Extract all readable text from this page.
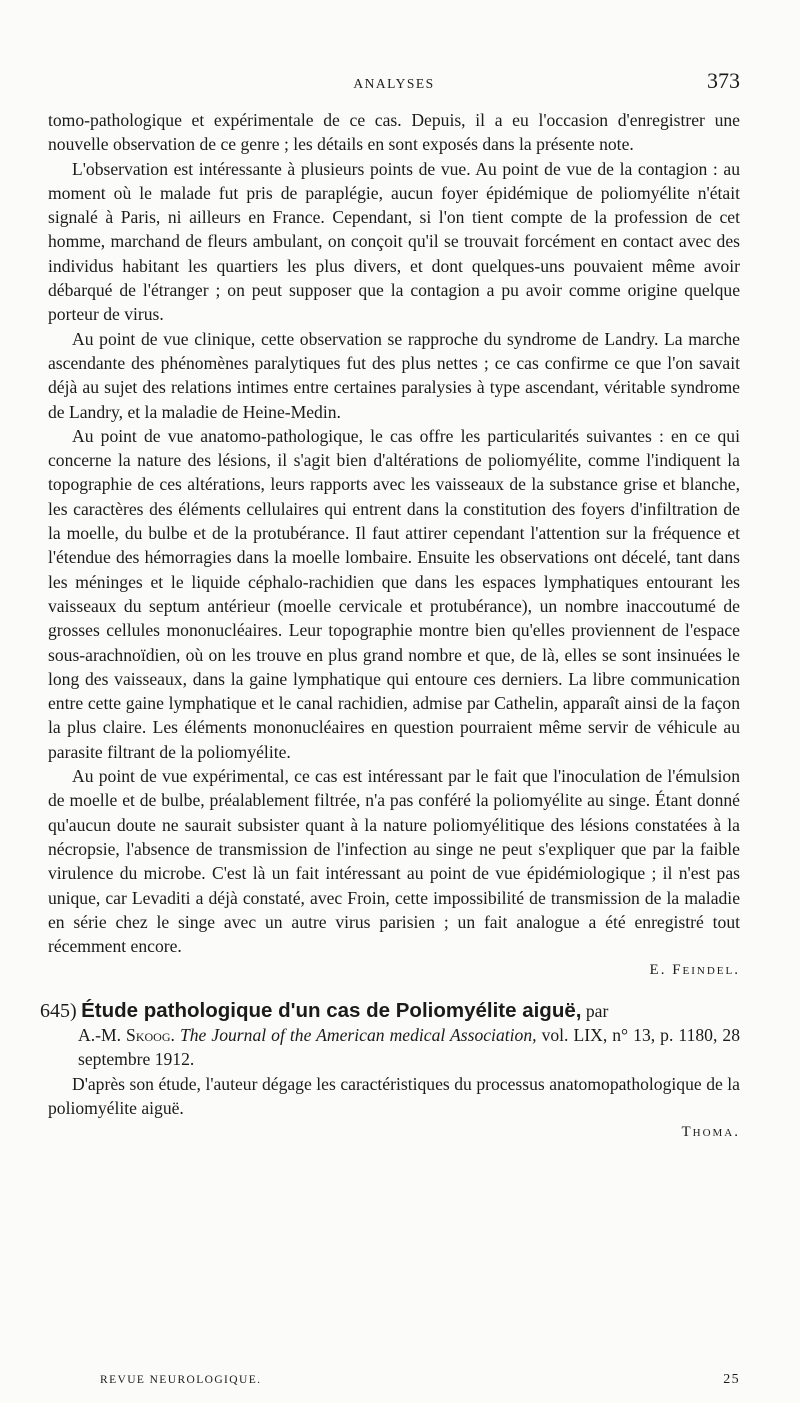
ANALYSES	373

tomo-pathologique et expérimentale de ce cas. Depuis, il a eu l'occasion d'enregistrer une nouvelle observation de ce genre ; les détails en sont exposés dans la présente note.

L'observation est intéressante à plusieurs points de vue. Au point de vue de la contagion : au moment où le malade fut pris de paraplégie, aucun foyer épidémique de poliomyélite n'était signalé à Paris, ni ailleurs en France. Cependant, si l'on tient compte de la profession de cet homme, marchand de fleurs ambulant, on conçoit qu'il se trouvait forcément en contact avec des individus habitant les quartiers les plus divers, et dont quelques-uns pouvaient même avoir débarqué de l'étranger ; on peut supposer que la contagion a pu avoir comme origine quelque porteur de virus.

Au point de vue clinique, cette observation se rapproche du syndrome de Landry. La marche ascendante des phénomènes paralytiques fut des plus nettes ; ce cas confirme ce que l'on savait déjà au sujet des relations intimes entre certaines paralysies à type ascendant, véritable syndrome de Landry, et la maladie de Heine-Medin.

Au point de vue anatomo-pathologique, le cas offre les particularités suivantes : en ce qui concerne la nature des lésions, il s'agit bien d'altérations de poliomyélite, comme l'indiquent la topographie de ces altérations, leurs rapports avec les vaisseaux de la substance grise et blanche, les caractères des éléments cellulaires qui entrent dans la constitution des foyers d'infiltration de la moelle, du bulbe et de la protubérance. Il faut attirer cependant l'attention sur la fréquence et l'étendue des hémorragies dans la moelle lombaire. Ensuite les observations ont décelé, tant dans les méninges et le liquide céphalo-rachidien que dans les espaces lymphatiques entourant les vaisseaux du septum antérieur (moelle cervicale et protubérance), un nombre inaccoutumé de grosses cellules mononucléaires. Leur topographie montre bien qu'elles proviennent de l'espace sous-arachnoïdien, où on les trouve en plus grand nombre et que, de là, elles se sont insinuées le long des vaisseaux, dans la gaine lymphatique qui entoure ces derniers. La libre communication entre cette gaine lymphatique et le canal rachidien, admise par Cathelin, apparaît ainsi de la façon la plus claire. Les éléments mononucléaires en question pourraient même servir de véhicule au parasite filtrant de la poliomyélite.

Au point de vue expérimental, ce cas est intéressant par le fait que l'inoculation de l'émulsion de moelle et de bulbe, préalablement filtrée, n'a pas conféré la poliomyélite au singe. Étant donné qu'aucun doute ne saurait subsister quant à la nature poliomyélitique des lésions constatées à la nécropsie, l'absence de transmission de l'infection au singe ne peut s'expliquer que par la faible virulence du microbe. C'est là un fait intéressant au point de vue épidémiologique ; il n'est pas unique, car Levaditi a déjà constaté, avec Froin, cette impossibilité de transmission de la maladie en série chez le singe avec un autre virus parisien ; un fait analogue a été enregistré tout récemment encore.

E. Feindel.

645) Étude pathologique d'un cas de Poliomyélite aiguë, par

A.-M. Skoog. The Journal of the American medical Association, vol. LIX, n° 13, p. 1180, 28 septembre 1912.

D'après son étude, l'auteur dégage les caractéristiques du processus anatomopathologique de la poliomyélite aiguë.

Thoma.

REVUE NEUROLOGIQUE.	25
